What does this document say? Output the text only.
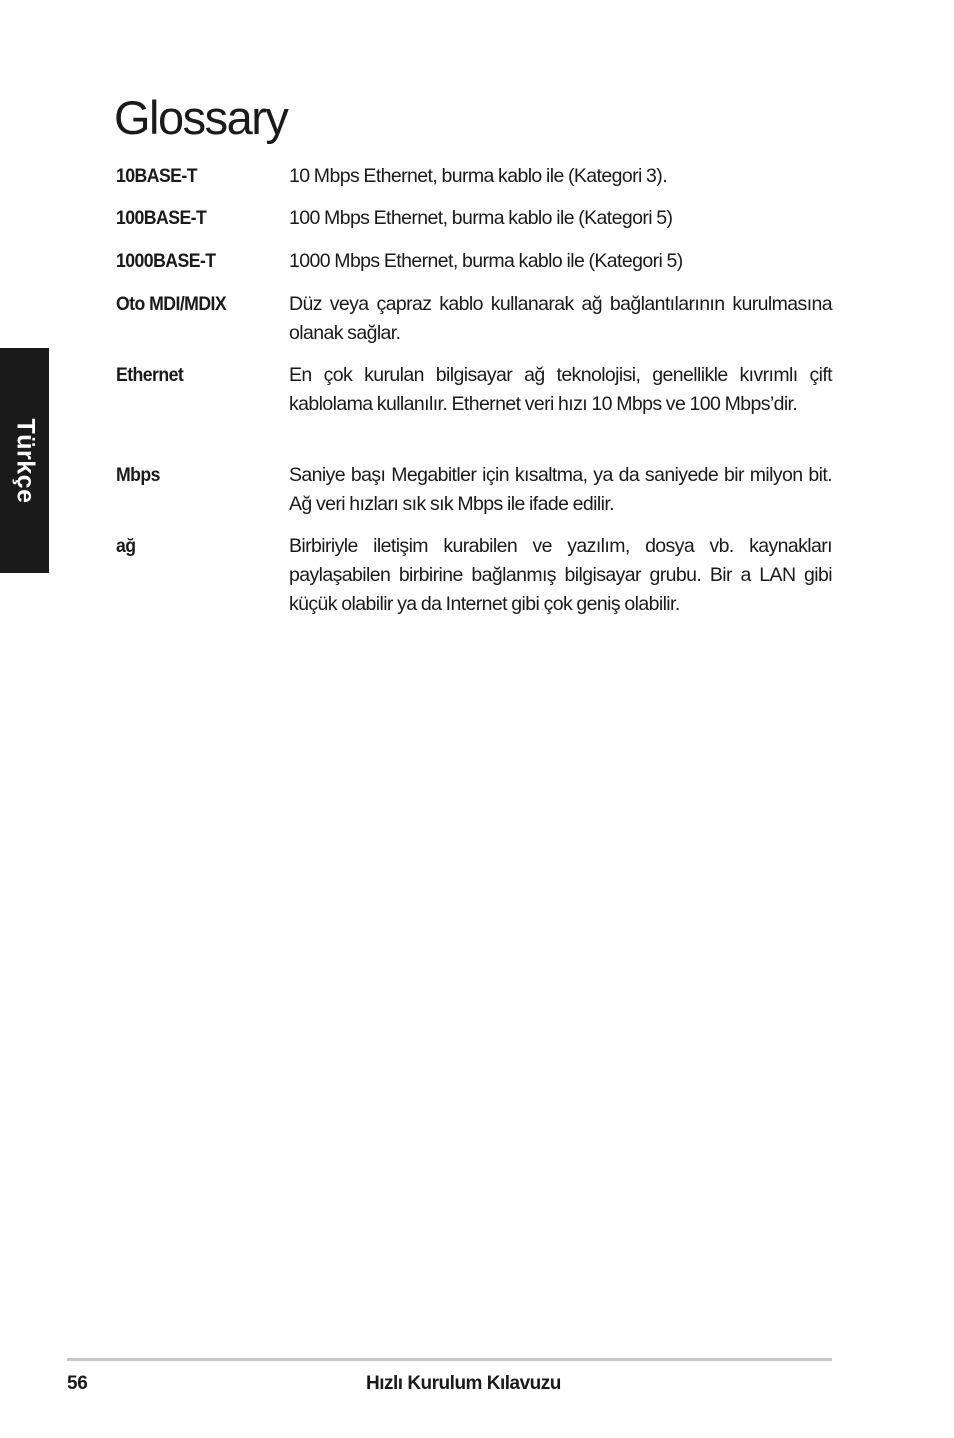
Türkçe
Glossary
10BASE-T	10 Mbps Ethernet, burma kablo ile (Kategori 3).
100BASE-T	100 Mbps Ethernet, burma kablo ile (Kategori 5)
1000BASE-T	1000 Mbps Ethernet, burma kablo ile (Kategori 5)
Oto MDI/MDIX	Düz veya çapraz kablo kullanarak ağ bağlantılarının kurulmasına olanak sağlar.
Ethernet	En çok kurulan bilgisayar ağ teknolojisi, genellikle kıvrımlı çift kablolama kullanılır. Ethernet veri hızı 10 Mbps ve 100 Mbps’dir.
Mbps	Saniye başı Megabitler için kısaltma, ya da saniyede bir milyon bit. Ağ veri hızları sık sık Mbps ile ifade edilir.
ağ	Birbiriyle iletişim kurabilen ve yazılım, dosya vb. kaynakları paylaşabilen birbirine bağlanmış bilgisayar grubu. Bir a LAN gibi küçük olabilir ya da Internet gibi çok geniş olabilir.
56	Hızlı Kurulum Kılavuzu
